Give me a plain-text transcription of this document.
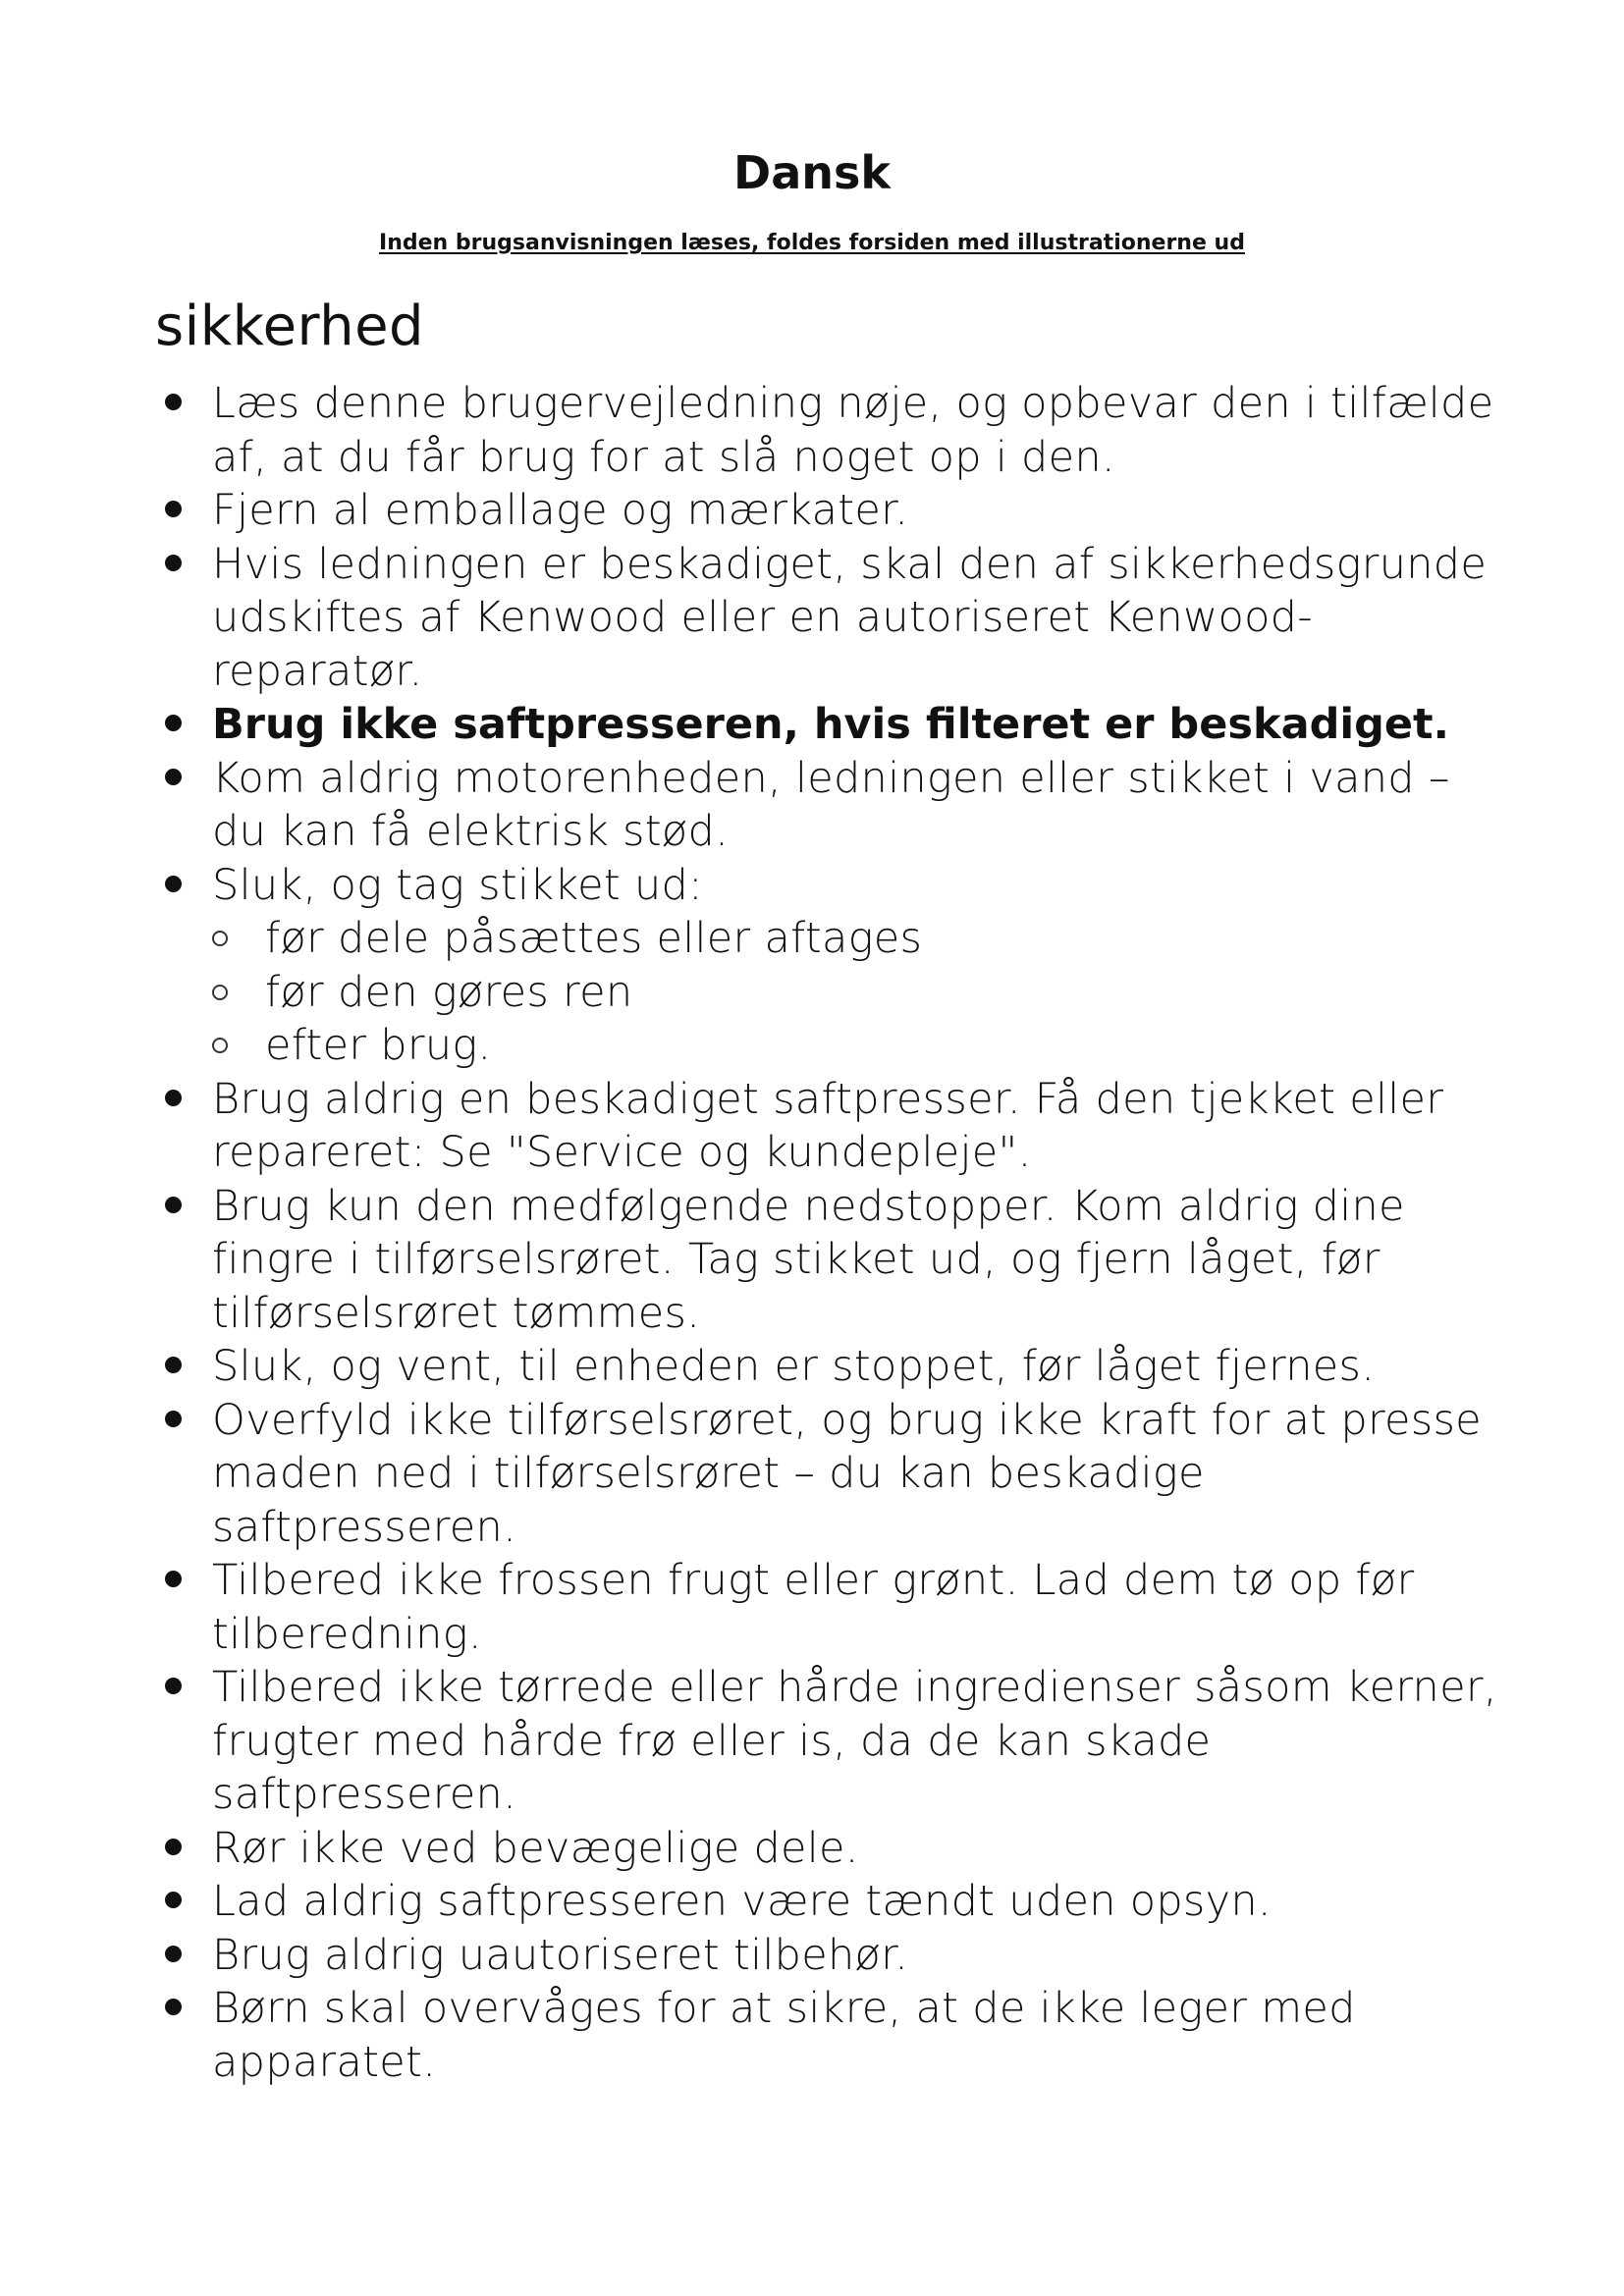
Dansk

Inden brugsanvisningen læses, foldes forsiden med illustrationerne ud

sikkerhed
Læs denne brugervejledning nøje, og opbevar den i tilfælde af, at du får brug for at slå noget op i den.
Fjern al emballage og mærkater.
Hvis ledningen er beskadiget, skal den af sikkerhedsgrunde udskiftes af Kenwood eller en autoriseret Kenwood-reparatør.
Brug ikke saftpresseren, hvis filteret er beskadiget.
Kom aldrig motorenheden, ledningen eller stikket i vand – du kan få elektrisk stød.
Sluk, og tag stikket ud:
før dele påsættes eller aftages
før den gøres ren
efter brug.
Brug aldrig en beskadiget saftpresser. Få den tjekket eller repareret: Se "Service og kundepleje".
Brug kun den medfølgende nedstopper. Kom aldrig dine fingre i tilførselsrøret. Tag stikket ud, og fjern låget, før tilførselsrøret tømmes.
Sluk, og vent, til enheden er stoppet, før låget fjernes.
Overfyld ikke tilførselsrøret, og brug ikke kraft for at presse maden ned i tilførselsrøret – du kan beskadige saftpresseren.
Tilbered ikke frossen frugt eller grønt. Lad dem tø op før tilberedning.
Tilbered ikke tørrede eller hårde ingredienser såsom kerner, frugter med hårde frø eller is, da de kan skade saftpresseren.
Rør ikke ved bevægelige dele.
Lad aldrig saftpresseren være tændt uden opsyn.
Brug aldrig uautoriseret tilbehør.
Børn skal overvåges for at sikre, at de ikke leger med apparatet.
